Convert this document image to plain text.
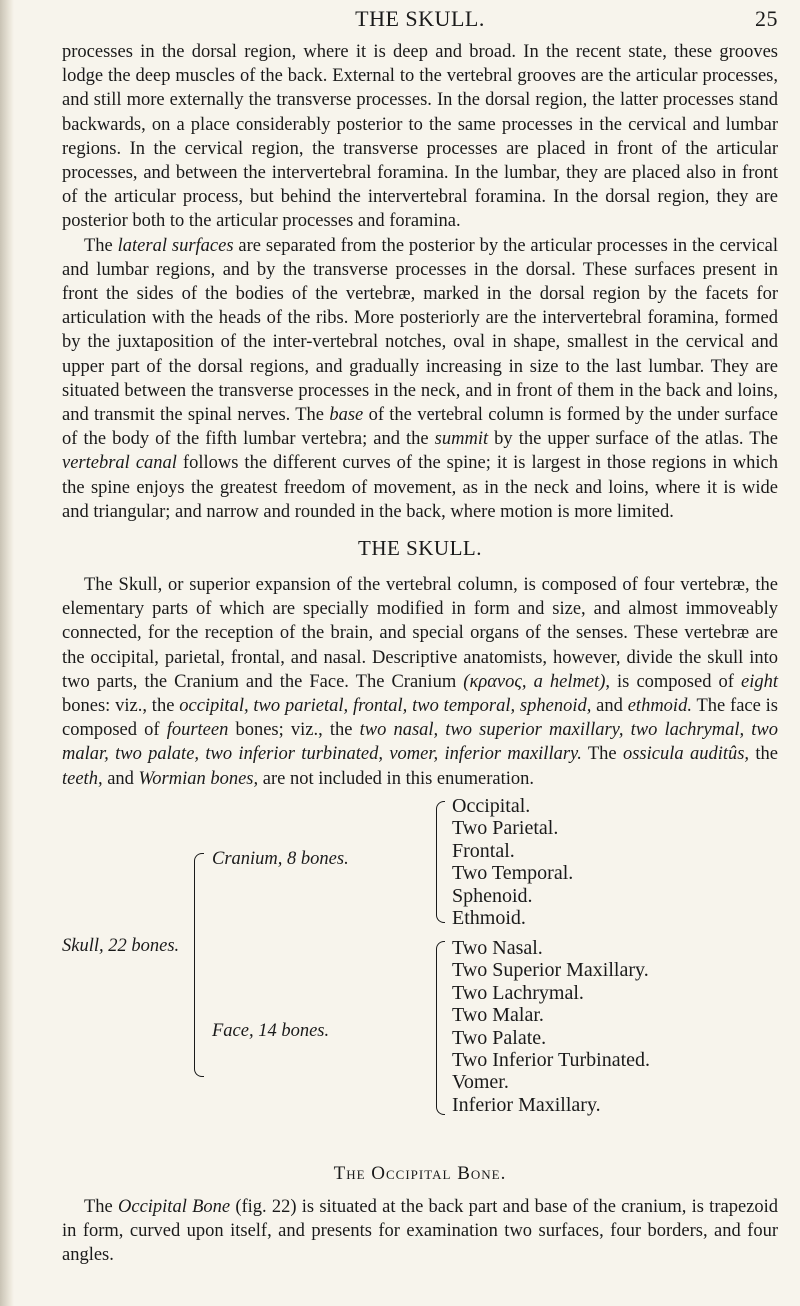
THE SKULL.	25

processes in the dorsal region, where it is deep and broad. In the recent state, these grooves lodge the deep muscles of the back. External to the vertebral grooves are the articular processes, and still more externally the transverse processes. In the dorsal region, the latter processes stand backwards, on a place considerably posterior to the same processes in the cervical and lumbar regions. In the cervical region, the transverse processes are placed in front of the articular processes, and between the intervertebral foramina. In the lumbar, they are placed also in front of the articular process, but behind the intervertebral foramina. In the dorsal region, they are posterior both to the articular processes and foramina.

The lateral surfaces are separated from the posterior by the articular processes in the cervical and lumbar regions, and by the transverse processes in the dorsal. These surfaces present in front the sides of the bodies of the vertebræ, marked in the dorsal region by the facets for articulation with the heads of the ribs. More posteriorly are the intervertebral foramina, formed by the juxtaposition of the inter-vertebral notches, oval in shape, smallest in the cervical and upper part of the dorsal regions, and gradually increasing in size to the last lumbar. They are situated between the transverse processes in the neck, and in front of them in the back and loins, and transmit the spinal nerves. The base of the vertebral column is formed by the under surface of the body of the fifth lumbar vertebra; and the summit by the upper surface of the atlas. The vertebral canal follows the different curves of the spine; it is largest in those regions in which the spine enjoys the greatest freedom of movement, as in the neck and loins, where it is wide and triangular; and narrow and rounded in the back, where motion is more limited.

THE SKULL.

The Skull, or superior expansion of the vertebral column, is composed of four vertebræ, the elementary parts of which are specially modified in form and size, and almost immoveably connected, for the reception of the brain, and special organs of the senses. These vertebræ are the occipital, parietal, frontal, and nasal. Descriptive anatomists, however, divide the skull into two parts, the Cranium and the Face. The Cranium (κρανος, a helmet), is composed of eight bones: viz., the occipital, two parietal, frontal, two temporal, sphenoid, and ethmoid. The face is composed of fourteen bones; viz., the two nasal, two superior maxillary, two lachrymal, two malar, two palate, two inferior turbinated, vomer, inferior maxillary. The ossicula auditûs, the teeth, and Wormian bones, are not included in this enumeration.

Skull, 22 bones.
Cranium, 8 bones.
Face, 14 bones.
Occipital.
Two Parietal.
Frontal.
Two Temporal.
Sphenoid.
Ethmoid.
Two Nasal.
Two Superior Maxillary.
Two Lachrymal.
Two Malar.
Two Palate.
Two Inferior Turbinated.
Vomer.
Inferior Maxillary.
The Occipital Bone.

The Occipital Bone (fig. 22) is situated at the back part and base of the cranium, is trapezoid in form, curved upon itself, and presents for examination two surfaces, four borders, and four angles.
